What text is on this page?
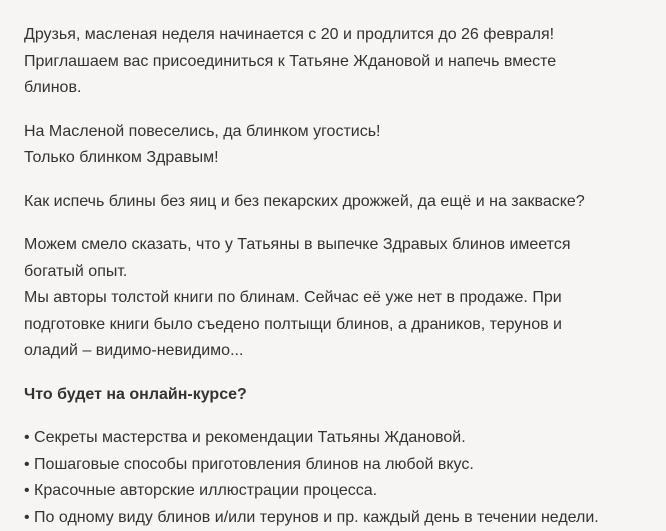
Друзья, масленая неделя начинается с 20 и продлится до 26 февраля!
Приглашаем вас присоединиться к Татьяне Ждановой и напечь вместе
блинов.

На Масленой повеселись, да блинком угостись!
Только блинком Здравым!

Как испечь блины без яиц и без пекарских дрожжей, да ещё и на закваске?

Можем смело сказать, что у Татьяны в выпечке Здравых блинов имеется
богатый опыт.
Мы авторы толстой книги по блинам. Сейчас её уже нет в продаже. При
подготовке книги было съедено полтыщи блинов, а драников, терунов и
оладий – видимо-невидимо...

Что будет на онлайн-курсе?

• Секреты мастерства и рекомендации Татьяны Ждановой.
• Пошаговые способы приготовления блинов на любой вкус.
• Красочные авторские иллюстрации процесса.
• По одному виду блинов и/или терунов и пр. каждый день в течении недели.
